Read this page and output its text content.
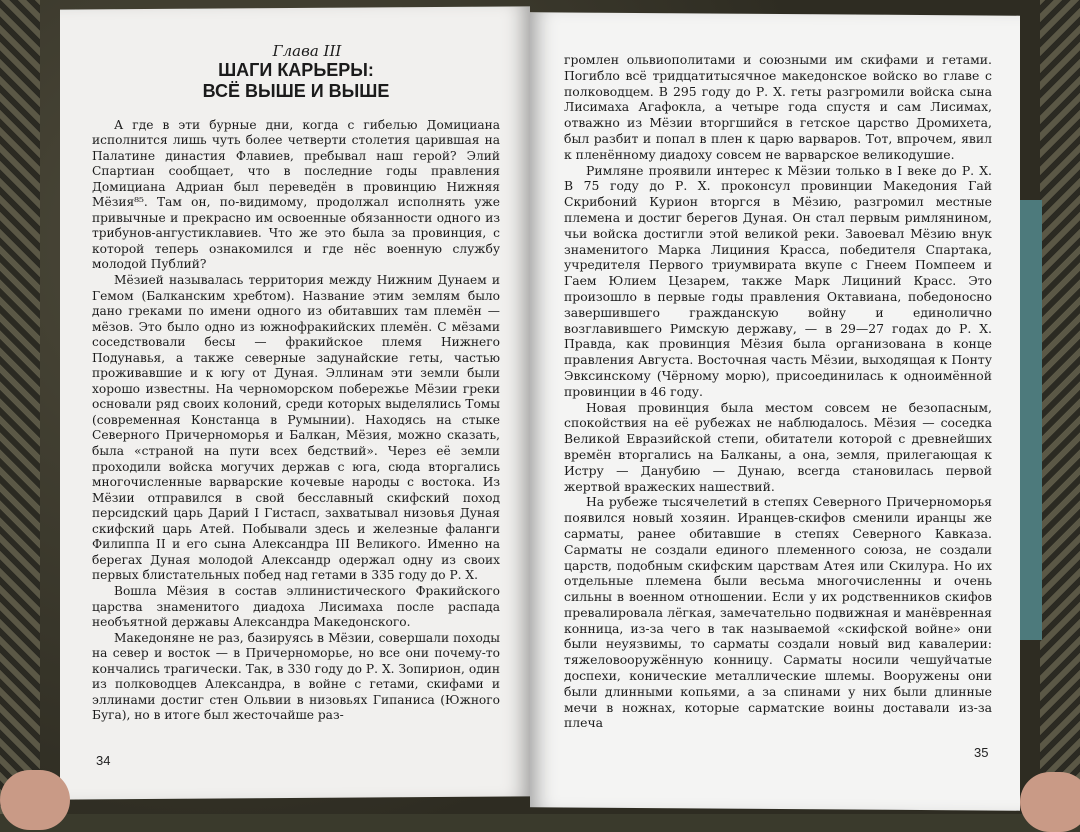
Глава III

ШАГИ КАРЬЕРЫ:
ВСЁ ВЫШЕ И ВЫШЕ

А где в эти бурные дни, когда с гибелью Домициана исполнится лишь чуть более четверти столетия царившая на Палатине династия Флавиев, пребывал наш герой? Элий Спартиан сообщает, что в последние годы правления Домициана Адриан был переведён в провинцию Нижняя Мёзия⁸⁵. Там он, по-видимому, продолжал исполнять уже привычные и прекрасно им освоенные обязанности одного из трибунов-ангустиклавиев. Что же это была за провинция, с которой теперь ознакомился и где нёс военную службу молодой Публий?

Мёзией называлась территория между Нижним Дунаем и Гемом (Балканским хребтом). Название этим землям было дано греками по имени одного из обитавших там племён — мёзов. Это было одно из южнофракийских племён. С мёзами соседствовали бесы — фракийское племя Нижнего Подунавья, а также северные задунайские геты, частью проживавшие и к югу от Дуная. Эллинам эти земли были хорошо известны. На черноморском побережье Мёзии греки основали ряд своих колоний, среди которых выделялись Томы (современная Констанца в Румынии). Находясь на стыке Северного Причерноморья и Балкан, Мёзия, можно сказать, была «страной на пути всех бедствий». Через её земли проходили войска могучих держав с юга, сюда вторгались многочисленные варварские кочевые народы с востока. Из Мёзии отправился в свой бесславный скифский поход персидский царь Дарий I Гистасп, захватывал низовья Дуная скифский царь Атей. Побывали здесь и железные фаланги Филиппа II и его сына Александра III Великого. Именно на берегах Дуная молодой Александр одержал одну из своих первых блистательных побед над гетами в 335 году до Р. Х.

Вошла Мёзия в состав эллинистического Фракийского царства знаменитого диадоха Лисимаха после распада необъятной державы Александра Македонского.

Македоняне не раз, базируясь в Мёзии, совершали походы на север и восток — в Причерноморье, но все они почему-то кончались трагически. Так, в 330 году до Р. Х. Зопирион, один из полководцев Александра, в войне с гетами, скифами и эллинами достиг стен Ольвии в низовьях Гипаниса (Южного Буга), но в итоге был жесточайше раз-

громлен ольвиополитами и союзными им скифами и гетами. Погибло всё тридцатитысячное македонское войско во главе с полководцем. В 295 году до Р. Х. геты разгромили войска сына Лисимаха Агафокла, а четыре года спустя и сам Лисимах, отважно из Мёзии вторгшийся в гетское царство Дромихета, был разбит и попал в плен к царю варваров. Тот, впрочем, явил к пленённому диадоху совсем не варварское великодушие.

Римляне проявили интерес к Мёзии только в I веке до Р. Х. В 75 году до Р. Х. проконсул провинции Македония Гай Скрибоний Курион вторгся в Мёзию, разгромил местные племена и достиг берегов Дуная. Он стал первым римлянином, чьи войска достигли этой великой реки. Завоевал Мёзию внук знаменитого Марка Лициния Красса, победителя Спартака, учредителя Первого триумвирата вкупе с Гнеем Помпеем и Гаем Юлием Цезарем, также Марк Лициний Красс. Это произошло в первые годы правления Октавиана, победоносно завершившего гражданскую войну и единолично возглавившего Римскую державу, — в 29—27 годах до Р. Х. Правда, как провинция Мёзия была организована в конце правления Августа. Восточная часть Мёзии, выходящая к Понту Эвксинскому (Чёрному морю), присоединилась к одноимённой провинции в 46 году.

Новая провинция была местом совсем не безопасным, спокойствия на её рубежах не наблюдалось. Мёзия — соседка Великой Евразийской степи, обитатели которой с древнейших времён вторгались на Балканы, а она, земля, прилегающая к Истру — Данубию — Дунаю, всегда становилась первой жертвой вражеских нашествий.

На рубеже тысячелетий в степях Северного Причерноморья появился новый хозяин. Иранцев-скифов сменили иранцы же сарматы, ранее обитавшие в степях Северного Кавказа. Сарматы не создали единого племенного союза, не создали царств, подобным скифским царствам Атея или Скилура. Но их отдельные племена были весьма многочисленны и очень сильны в военном отношении. Если у их родственников скифов превалировала лёгкая, замечательно подвижная и манёвренная конница, из-за чего в так называемой «скифской войне» они были неуязвимы, то сарматы создали новый вид кавалерии: тяжеловооружённую конницу. Сарматы носили чешуйчатые доспехи, конические металлические шлемы. Вооружены они были длинными копьями, а за спинами у них были длинные мечи в ножнах, которые сарматские воины доставали из-за плеча

34
35
